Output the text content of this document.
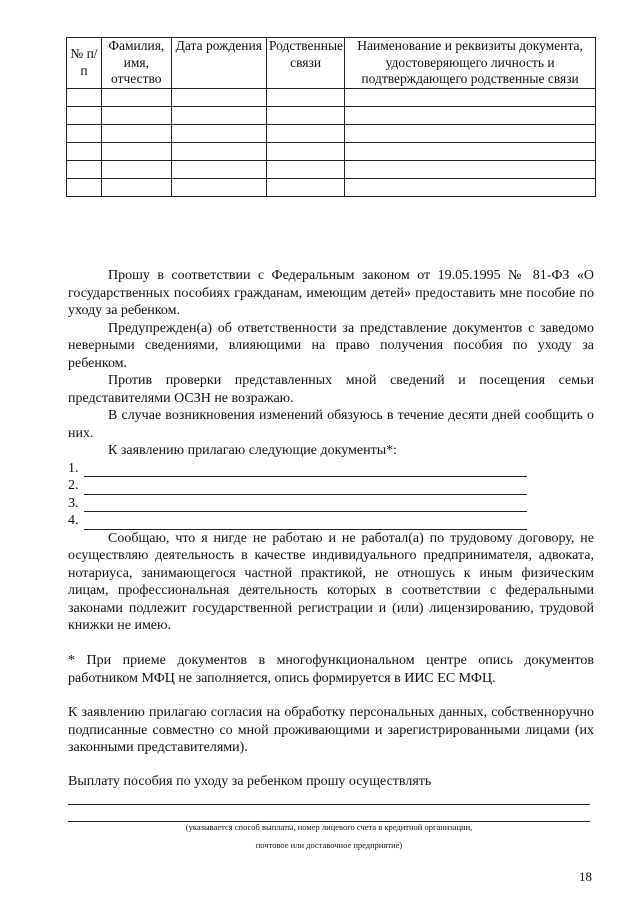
№ п/п	Фамилия, имя, отчество	Дата рождения	Родственные связи	Наименование и реквизиты документа, удостоверяющего личность и подтверждающего родственные связи

Прошу в соответствии с Федеральным законом от 19.05.1995 № 81-ФЗ «О государственных пособиях гражданам, имеющим детей» предоставить мне пособие по уходу за ребенком.

Предупрежден(а) об ответственности за представление документов с заведомо неверными сведениями, влияющими на право получения пособия по уходу за ребенком.

Против проверки представленных мной сведений и посещения семьи представителями ОСЗН не возражаю.

В случае возникновения изменений обязуюсь в течение десяти дней сообщить о них.

К заявлению прилагаю следующие документы*:

1.
2.
3.
4.

Сообщаю, что я нигде не работаю и не работал(а) по трудовому договору, не осуществляю деятельность в качестве индивидуального предпринимателя, адвоката, нотариуса, занимающегося частной практикой, не отношусь к иным физическим лицам, профессиональная деятельность которых в соответствии с федеральными законами подлежит государственной регистрации и (или) лицензированию, трудовой книжки не имею.

* При приеме документов в многофункциональном центре опись документов работником МФЦ не заполняется, опись формируется в ИИС ЕС МФЦ.

К заявлению прилагаю согласия на обработку персональных данных, собственноручно подписанные совместно со мной проживающими и зарегистрированными лицами (их законными представителями).

Выплату пособия по уходу за ребенком прошу осуществлять

(указывается способ выплаты, номер лицевого счета в кредитной организации,
почтовое или доставочное предприятие)
18
